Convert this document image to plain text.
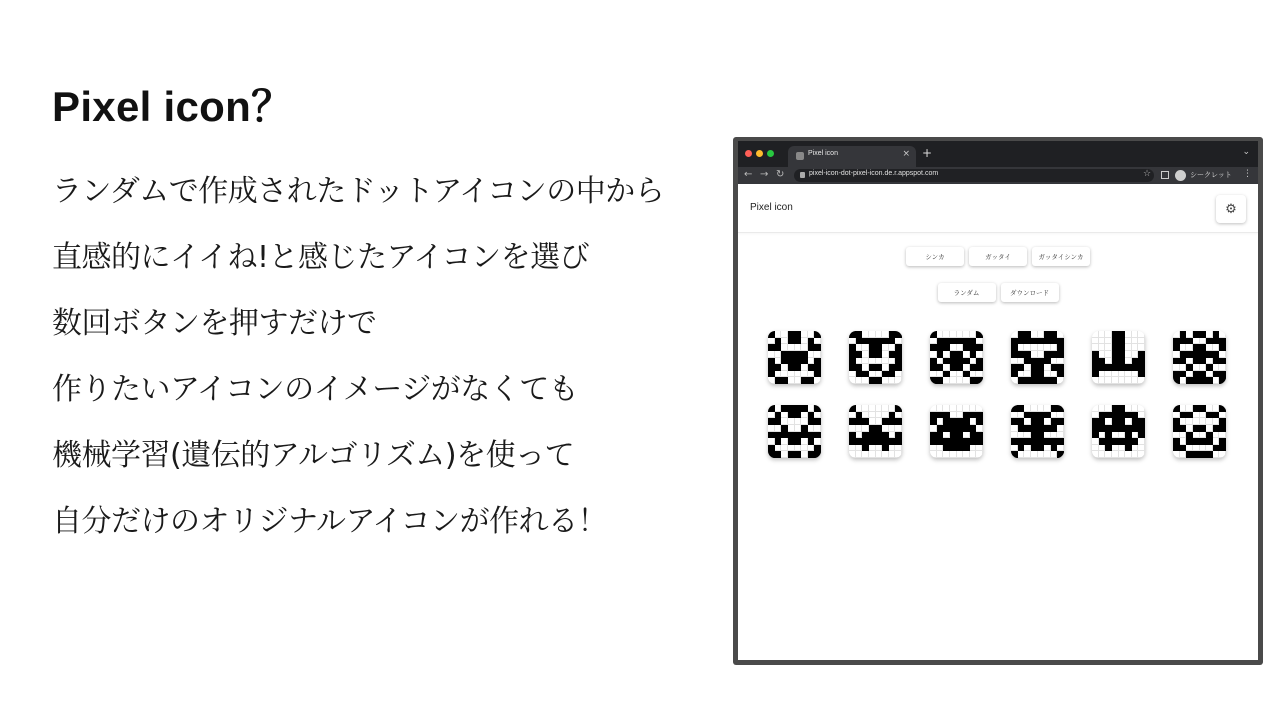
Pixel icon？
ランダムで作成されたドットアイコンの中から
直感的にイイね!と感じたアイコンを選び
数回ボタンを押すだけで
作りたいアイコンのイメージがなくても
機械学習(遺伝的アルゴリズム)を使って
自分だけのオリジナルアイコンが作れる！
Pixel icon	× +	⌄
← → ↻	pixel-icon-dot-pixel-icon.de.r.appspot.com	☆	シークレット ⋮
Pixel icon	⚙
シンカ	ガッタイ	ガッタイシンカ
ランダム	ダウンロード
